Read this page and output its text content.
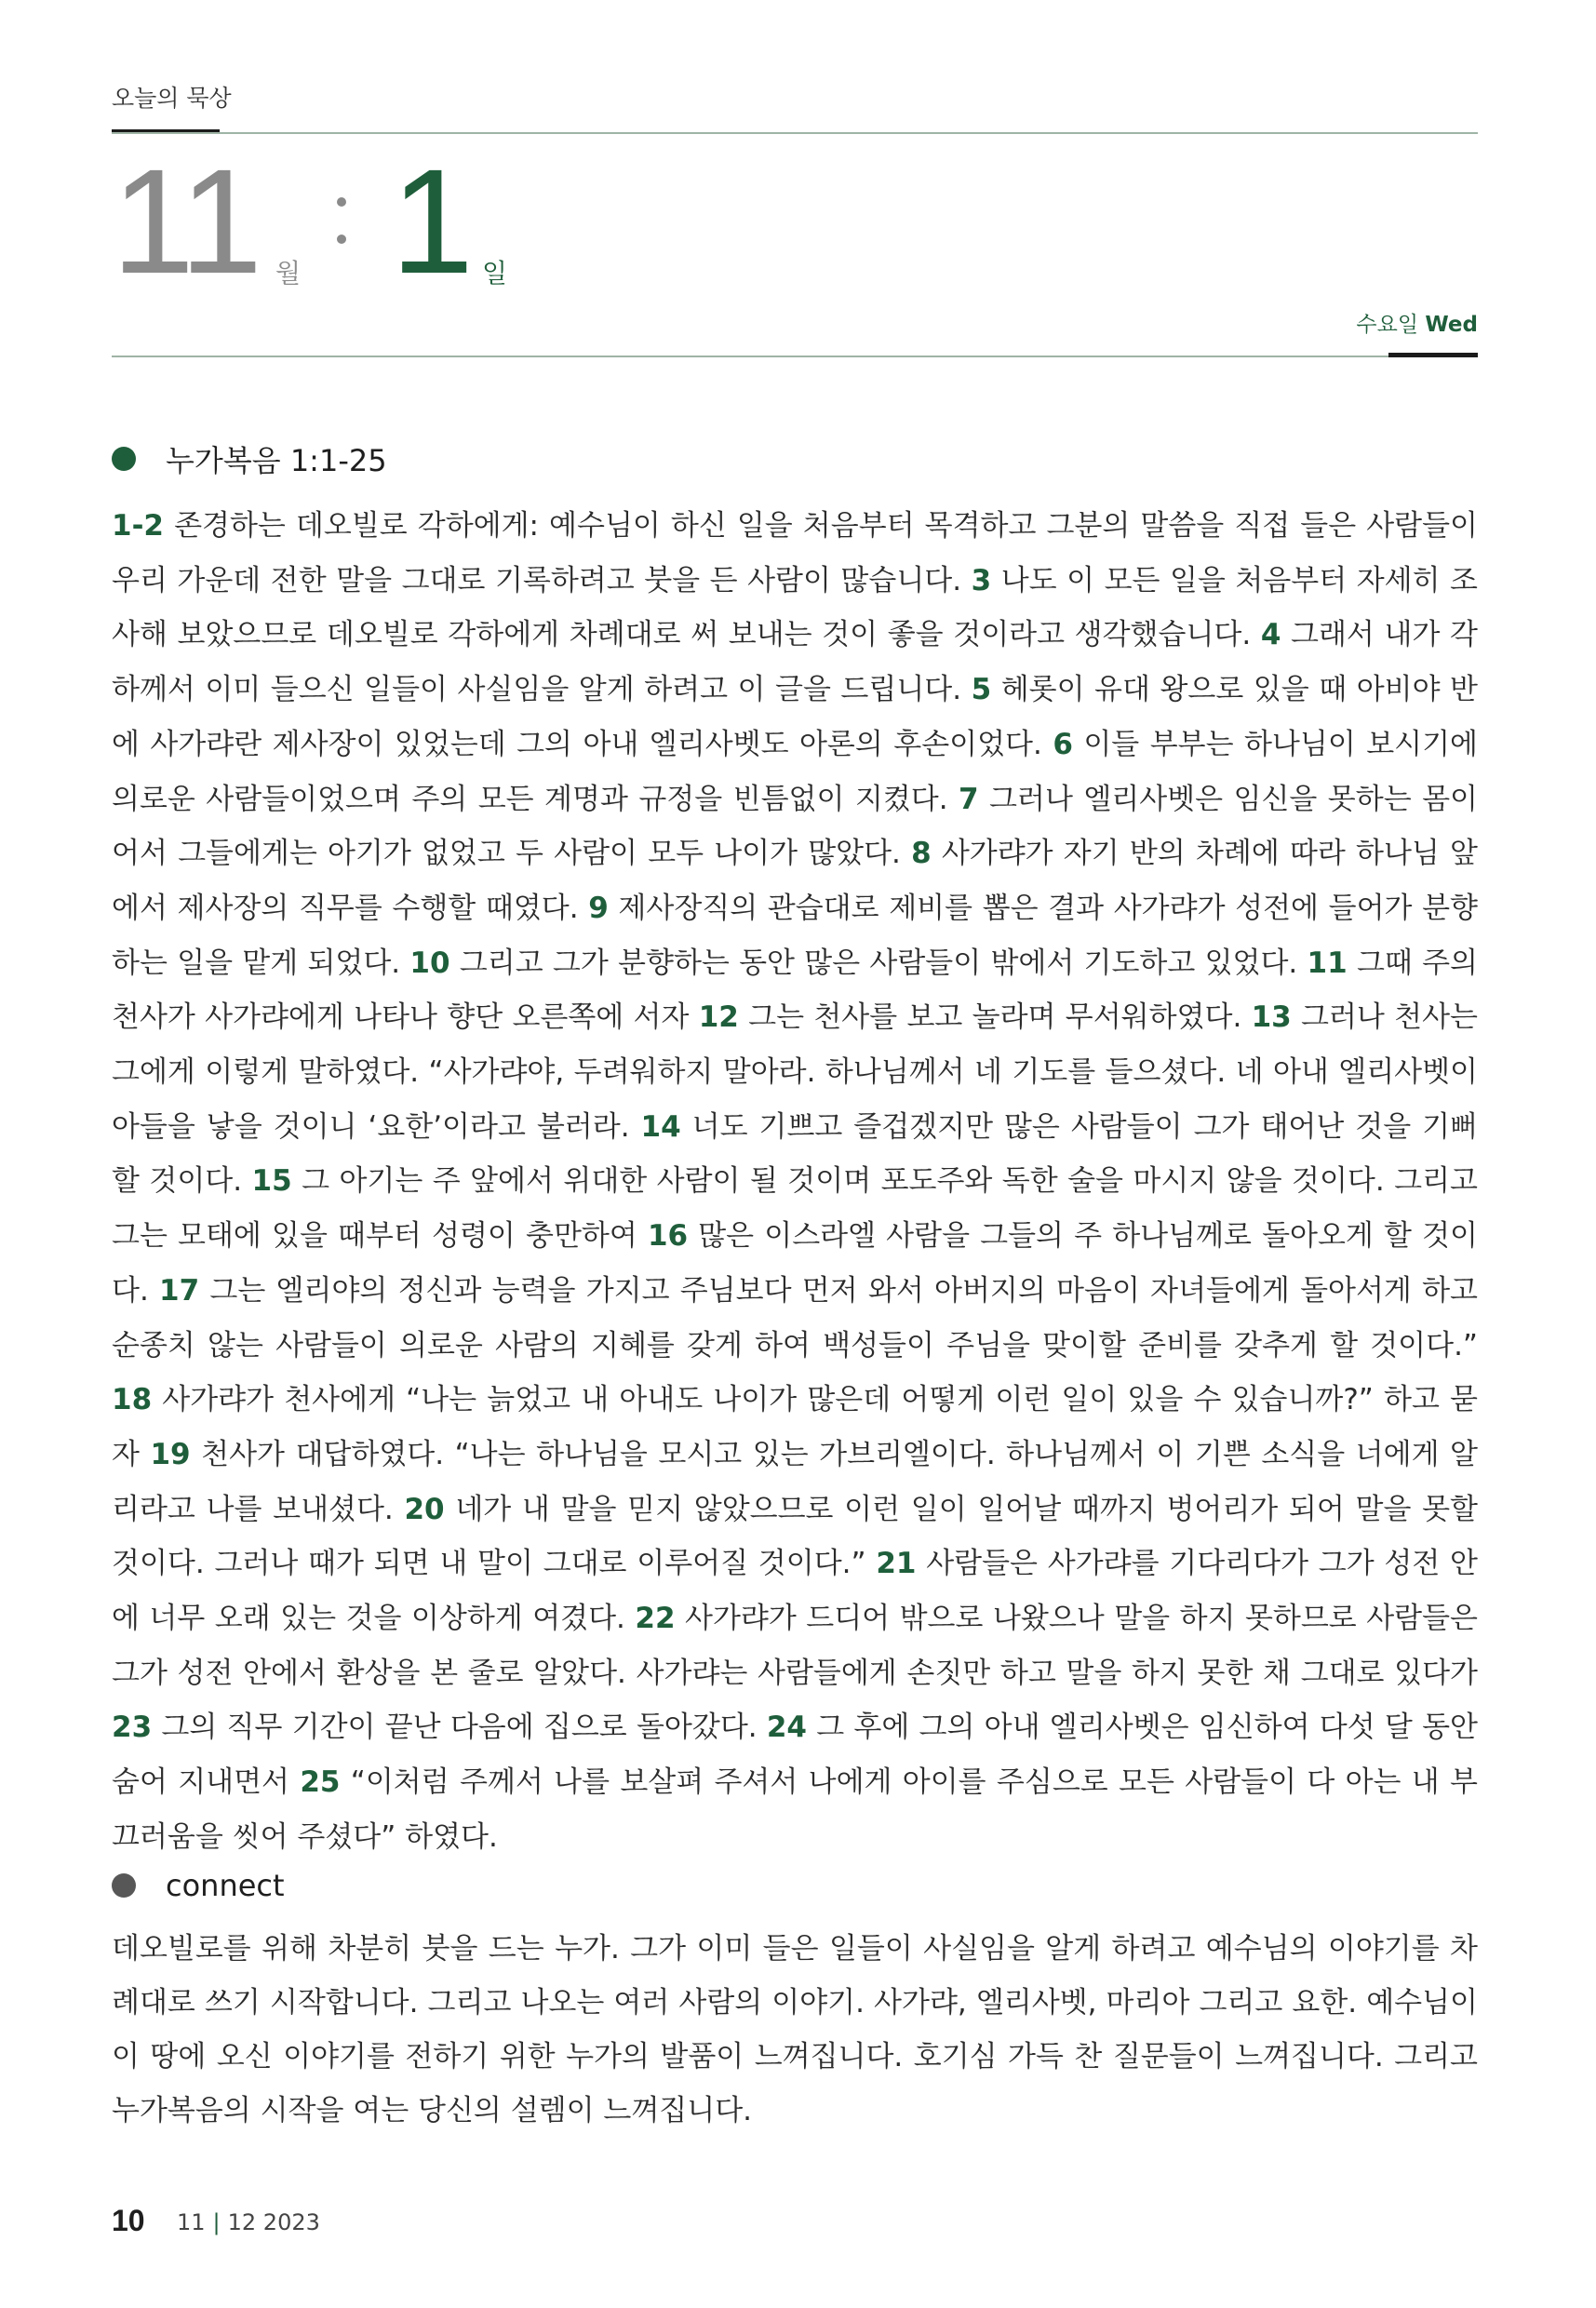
오늘의 묵상
11 월 1 일
수요일 Wed
누가복음 1:1-25
1-2 존경하는 데오빌로 각하에게: 예수님이 하신 일을 처음부터 목격하고 그분의 말씀을 직접 들은 사람들이 우리 가운데 전한 말을 그대로 기록하려고 붓을 든 사람이 많습니다. 3 나도 이 모든 일을 처음부터 자세히 조사해 보았으므로 데오빌로 각하에게 차례대로 써 보내는 것이 좋을 것이라고 생각했습니다. 4 그래서 내가 각하께서 이미 들으신 일들이 사실임을 알게 하려고 이 글을 드립니다. 5 헤롯이 유대 왕으로 있을 때 아비야 반에 사가랴란 제사장이 있었는데 그의 아내 엘리사벳도 아론의 후손이었다. 6 이들 부부는 하나님이 보시기에 의로운 사람들이었으며 주의 모든 계명과 규정을 빈틈없이 지켰다. 7 그러나 엘리사벳은 임신을 못하는 몸이어서 그들에게는 아기가 없었고 두 사람이 모두 나이가 많았다. 8 사가랴가 자기 반의 차례에 따라 하나님 앞에서 제사장의 직무를 수행할 때였다. 9 제사장직의 관습대로 제비를 뽑은 결과 사가랴가 성전에 들어가 분향하는 일을 맡게 되었다. 10 그리고 그가 분향하는 동안 많은 사람들이 밖에서 기도하고 있었다. 11 그때 주의 천사가 사가랴에게 나타나 향단 오른쪽에 서자 12 그는 천사를 보고 놀라며 무서워하였다. 13 그러나 천사는 그에게 이렇게 말하였다. “사가랴야, 두려워하지 말아라. 하나님께서 네 기도를 들으셨다. 네 아내 엘리사벳이 아들을 낳을 것이니 ‘요한’이라고 불러라. 14 너도 기쁘고 즐겁겠지만 많은 사람들이 그가 태어난 것을 기뻐할 것이다. 15 그 아기는 주 앞에서 위대한 사람이 될 것이며 포도주와 독한 술을 마시지 않을 것이다. 그리고 그는 모태에 있을 때부터 성령이 충만하여 16 많은 이스라엘 사람을 그들의 주 하나님께로 돌아오게 할 것이다. 17 그는 엘리야의 정신과 능력을 가지고 주님보다 먼저 와서 아버지의 마음이 자녀들에게 돌아서게 하고 순종치 않는 사람들이 의로운 사람의 지혜를 갖게 하여 백성들이 주님을 맞이할 준비를 갖추게 할 것이다.” 18 사가랴가 천사에게 “나는 늙었고 내 아내도 나이가 많은데 어떻게 이런 일이 있을 수 있습니까?” 하고 묻자 19 천사가 대답하였다. “나는 하나님을 모시고 있는 가브리엘이다. 하나님께서 이 기쁜 소식을 너에게 알리라고 나를 보내셨다. 20 네가 내 말을 믿지 않았으므로 이런 일이 일어날 때까지 벙어리가 되어 말을 못할 것이다. 그러나 때가 되면 내 말이 그대로 이루어질 것이다.” 21 사람들은 사가랴를 기다리다가 그가 성전 안에 너무 오래 있는 것을 이상하게 여겼다. 22 사가랴가 드디어 밖으로 나왔으나 말을 하지 못하므로 사람들은 그가 성전 안에서 환상을 본 줄로 알았다. 사가랴는 사람들에게 손짓만 하고 말을 하지 못한 채 그대로 있다가 23 그의 직무 기간이 끝난 다음에 집으로 돌아갔다. 24 그 후에 그의 아내 엘리사벳은 임신하여 다섯 달 동안 숨어 지내면서 25 “이처럼 주께서 나를 보살펴 주셔서 나에게 아이를 주심으로 모든 사람들이 다 아는 내 부끄러움을 씻어 주셨다” 하였다.
connect
데오빌로를 위해 차분히 붓을 드는 누가. 그가 이미 들은 일들이 사실임을 알게 하려고 예수님의 이야기를 차례대로 쓰기 시작합니다. 그리고 나오는 여러 사람의 이야기. 사가랴, 엘리사벳, 마리아 그리고 요한. 예수님이 이 땅에 오신 이야기를 전하기 위한 누가의 발품이 느껴집니다. 호기심 가득 찬 질문들이 느껴집니다. 그리고 누가복음의 시작을 여는 당신의 설렘이 느껴집니다.
10 11 | 12 2023
